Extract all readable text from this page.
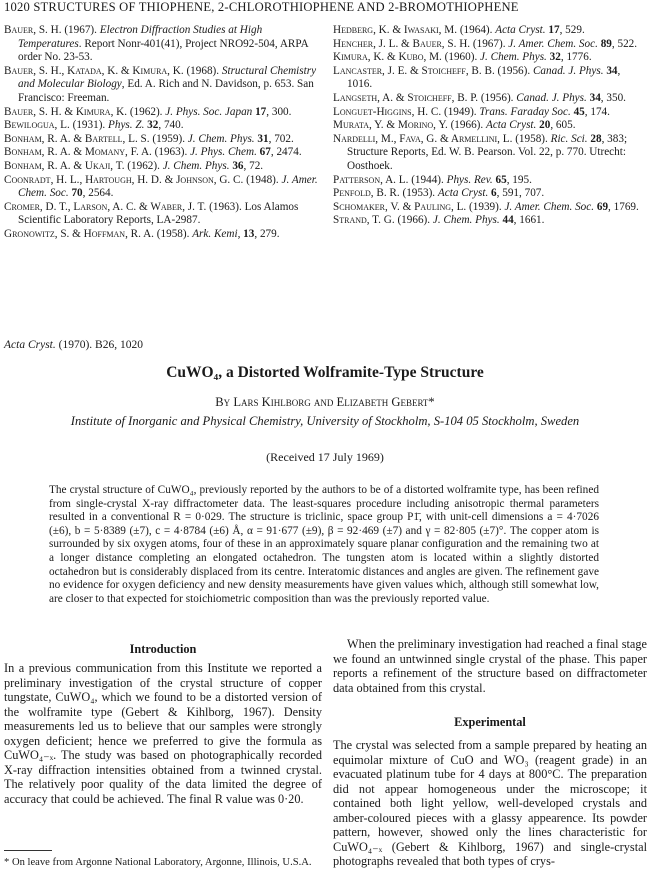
1020 STRUCTURES OF THIOPHENE, 2-CHLOROTHIOPHENE AND 2-BROMOTHIOPHENE

Bauer, S. H. (1967). Electron Diffraction Studies at High Temperatures. Report Nonr-401(41), Project NRO92-504, ARPA order No. 23-53.

Bauer, S. H., Katada, K. & Kimura, K. (1968). Structural Chemistry and Molecular Biology, Ed. A. Rich and N. Davidson, p. 653. San Francisco: Freeman.

Bauer, S. H. & Kimura, K. (1962). J. Phys. Soc. Japan 17, 300.

Bewilogua, L. (1931). Phys. Z. 32, 740.

Bonham, R. A. & Bartell, L. S. (1959). J. Chem. Phys. 31, 702.

Bonham, R. A. & Momany, F. A. (1963). J. Phys. Chem. 67, 2474.

Bonham, R. A. & Ukaji, T. (1962). J. Chem. Phys. 36, 72.

Coonradt, H. L., Hartough, H. D. & Johnson, G. C. (1948). J. Amer. Chem. Soc. 70, 2564.

Cromer, D. T., Larson, A. C. & Waber, J. T. (1963). Los Alamos Scientific Laboratory Reports, LA-2987.

Gronowitz, S. & Hoffman, R. A. (1958). Ark. Kemi, 13, 279.

Hedberg, K. & Iwasaki, M. (1964). Acta Cryst. 17, 529.

Hencher, J. L. & Bauer, S. H. (1967). J. Amer. Chem. Soc. 89, 522.

Kimura, K. & Kubo, M. (1960). J. Chem. Phys. 32, 1776.

Lancaster, J. E. & Stoicheff, B. B. (1956). Canad. J. Phys. 34, 1016.

Langseth, A. & Stoicheff, B. P. (1956). Canad. J. Phys. 34, 350.

Longuet-Higgins, H. C. (1949). Trans. Faraday Soc. 45, 174.

Murata, Y. & Morino, Y. (1966). Acta Cryst. 20, 605.

Nardelli, M., Fava, G. & Armellini, L. (1958). Ric. Sci. 28, 383; Structure Reports, Ed. W. B. Pearson. Vol. 22, p. 770. Utrecht: Oosthoek.

Patterson, A. L. (1944). Phys. Rev. 65, 195.

Penfold, B. R. (1953). Acta Cryst. 6, 591, 707.

Schomaker, V. & Pauling, L. (1939). J. Amer. Chem. Soc. 69, 1769.

Strand, T. G. (1966). J. Chem. Phys. 44, 1661.

Acta Cryst. (1970). B26, 1020
CuWO₄, a Distorted Wolframite-Type Structure
By Lars Kihlborg and Elizabeth Gebert*
Institute of Inorganic and Physical Chemistry, University of Stockholm, S-104 05 Stockholm, Sweden
(Received 17 July 1969)

The crystal structure of CuWO₄, previously reported by the authors to be of a distorted wolframite type, has been refined from single-crystal X-ray diffractometer data. The least-squares procedure including anisotropic thermal parameters resulted in a conventional R = 0·029. The structure is triclinic, space group P1̄, with unit-cell dimensions a = 4·7026 (±6), b = 5·8389 (±7), c = 4·8784 (±6) Å, α = 91·677 (±9), β = 92·469 (±7) and γ = 82·805 (±7)°. The copper atom is surrounded by six oxygen atoms, four of these in an approximately square planar configuration and the remaining two at a longer distance completing an elongated octahedron. The tungsten atom is located within a slightly distorted octahedron but is considerably displaced from its centre. Interatomic distances and angles are given. The refinement gave no evidence for oxygen deficiency and new density measurements have given values which, although still somewhat low, are closer to that expected for stoichiometric composition than was the previously reported value.

Introduction

In a previous communication from this Institute we reported a preliminary investigation of the crystal structure of copper tungstate, CuWO₄, which we found to be a distorted version of the wolframite type (Gebert & Kihlborg, 1967). Density measurements led us to believe that our samples were strongly oxygen deficient; hence we preferred to give the formula as CuWO₄₋ₓ. The study was based on photographically recorded X-ray diffraction intensities obtained from a twinned crystal. The relatively poor quality of the data limited the degree of accuracy that could be achieved. The final R value was 0·20.

When the preliminary investigation had reached a final stage we found an untwinned single crystal of the phase. This paper reports a refinement of the structure based on diffractometer data obtained from this crystal.

Experimental

The crystal was selected from a sample prepared by heating an equimolar mixture of CuO and WO₃ (reagent grade) in an evacuated platinum tube for 4 days at 800°C. The preparation did not appear homogeneous under the microscope; it contained both light yellow, well-developed crystals and amber-coloured pieces with a glassy appearence. Its powder pattern, however, showed only the lines characteristic for CuWO₄₋ₓ (Gebert & Kihlborg, 1967) and single-crystal photographs revealed that both types of crys-

* On leave from Argonne National Laboratory, Argonne, Illinois, U.S.A.
